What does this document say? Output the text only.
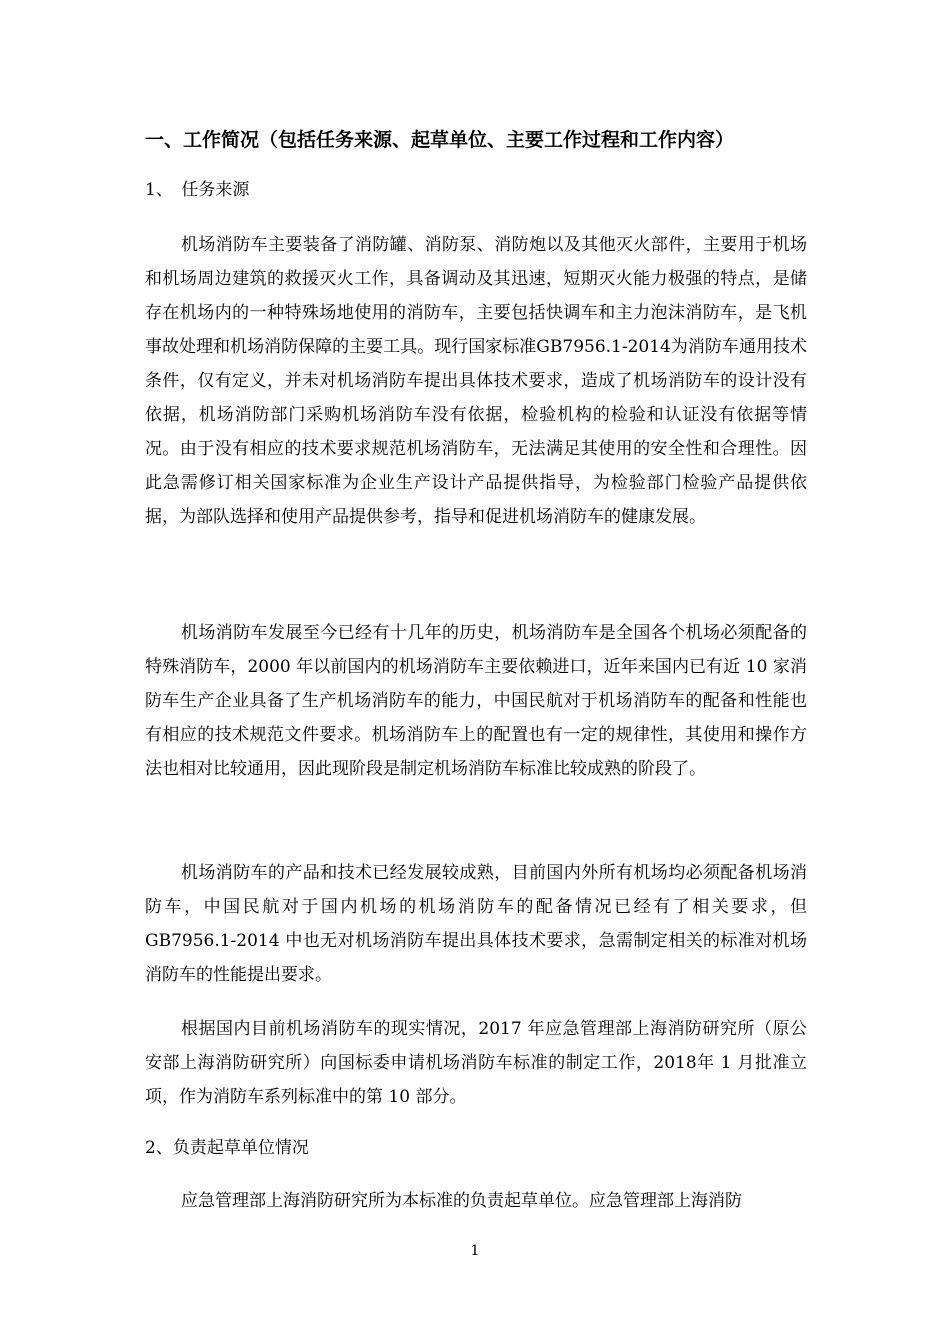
一、工作简况（包括任务来源、起草单位、主要工作过程和工作内容）
1、　任务来源
机场消防车主要装备了消防罐、消防泵、消防炮以及其他灭火部件，主要用于机场和机场周边建筑的救援灭火工作，具备调动及其迅速，短期灭火能力极强的特点，是储存在机场内的一种特殊场地使用的消防车，主要包括快调车和主力泡沫消防车，是飞机事故处理和机场消防保障的主要工具。现行国家标准GB7956.1-2014为消防车通用技术条件，仅有定义，并未对机场消防车提出具体技术要求，造成了机场消防车的设计没有依据，机场消防部门采购机场消防车没有依据，检验机构的检验和认证没有依据等情况。由于没有相应的技术要求规范机场消防车，无法满足其使用的安全性和合理性。因此急需修订相关国家标准为企业生产设计产品提供指导，为检验部门检验产品提供依据，为部队选择和使用产品提供参考，指导和促进机场消防车的健康发展。
机场消防车发展至今已经有十几年的历史，机场消防车是全国各个机场必须配备的特殊消防车，2000 年以前国内的机场消防车主要依赖进口，近年来国内已有近 10 家消防车生产企业具备了生产机场消防车的能力，中国民航对于机场消防车的配备和性能也有相应的技术规范文件要求。机场消防车上的配置也有一定的规律性，其使用和操作方法也相对比较通用，因此现阶段是制定机场消防车标准比较成熟的阶段了。
机场消防车的产品和技术已经发展较成熟，目前国内外所有机场均必须配备机场消防车，中国民航对于国内机场的机场消防车的配备情况已经有了相关要求，但 GB7956.1-2014 中也无对机场消防车提出具体技术要求，急需制定相关的标准对机场消防车的性能提出要求。
根据国内目前机场消防车的现实情况，2017 年应急管理部上海消防研究所（原公安部上海消防研究所）向国标委申请机场消防车标准的制定工作，2018年 1 月批准立项，作为消防车系列标准中的第 10 部分。
2、负责起草单位情况
应急管理部上海消防研究所为本标准的负责起草单位。应急管理部上海消防
1
